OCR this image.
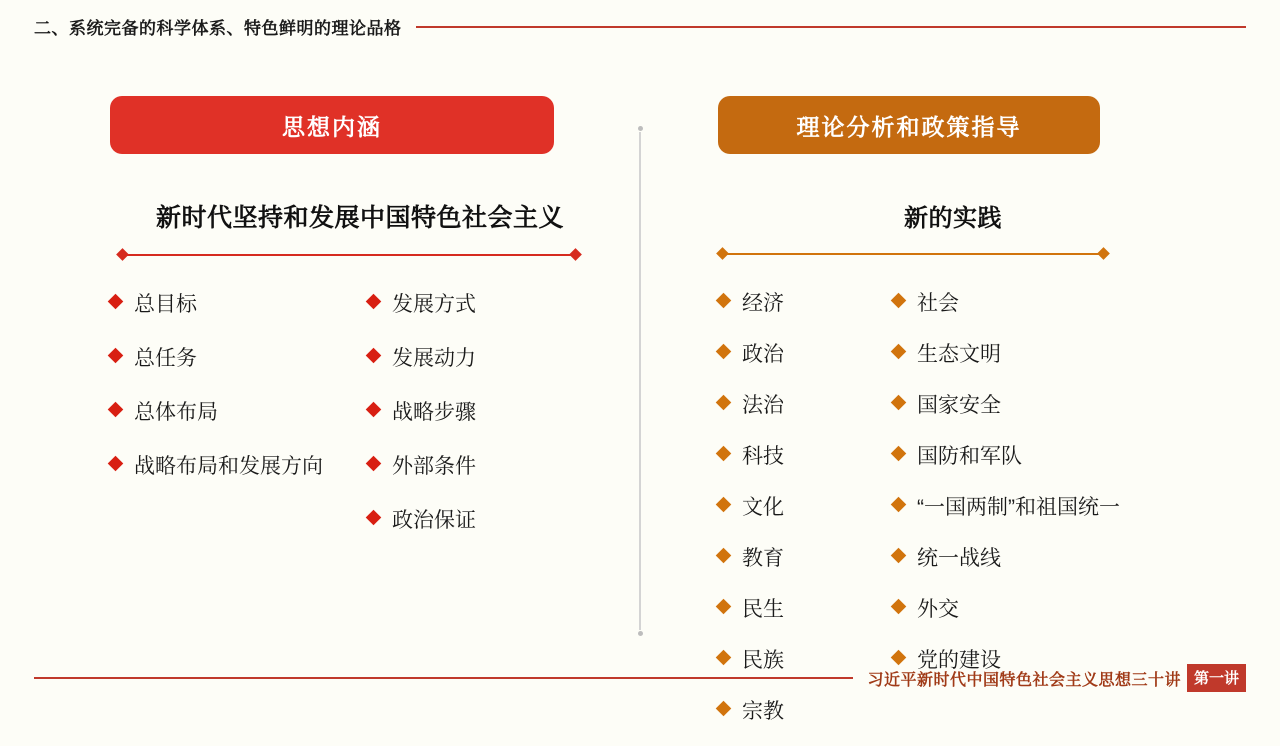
二、系统完备的科学体系、特色鲜明的理论品格
思想内涵
新时代坚持和发展中国特色社会主义
总目标
总任务
总体布局
战略布局和发展方向
发展方式
发展动力
战略步骤
外部条件
政治保证
理论分析和政策指导
新的实践
经济
政治
法治
科技
文化
教育
民生
民族
宗教
社会
生态文明
国家安全
国防和军队
“一国两制”和祖国统一
统一战线
外交
党的建设
习近平新时代中国特色社会主义思想三十讲 第一讲
